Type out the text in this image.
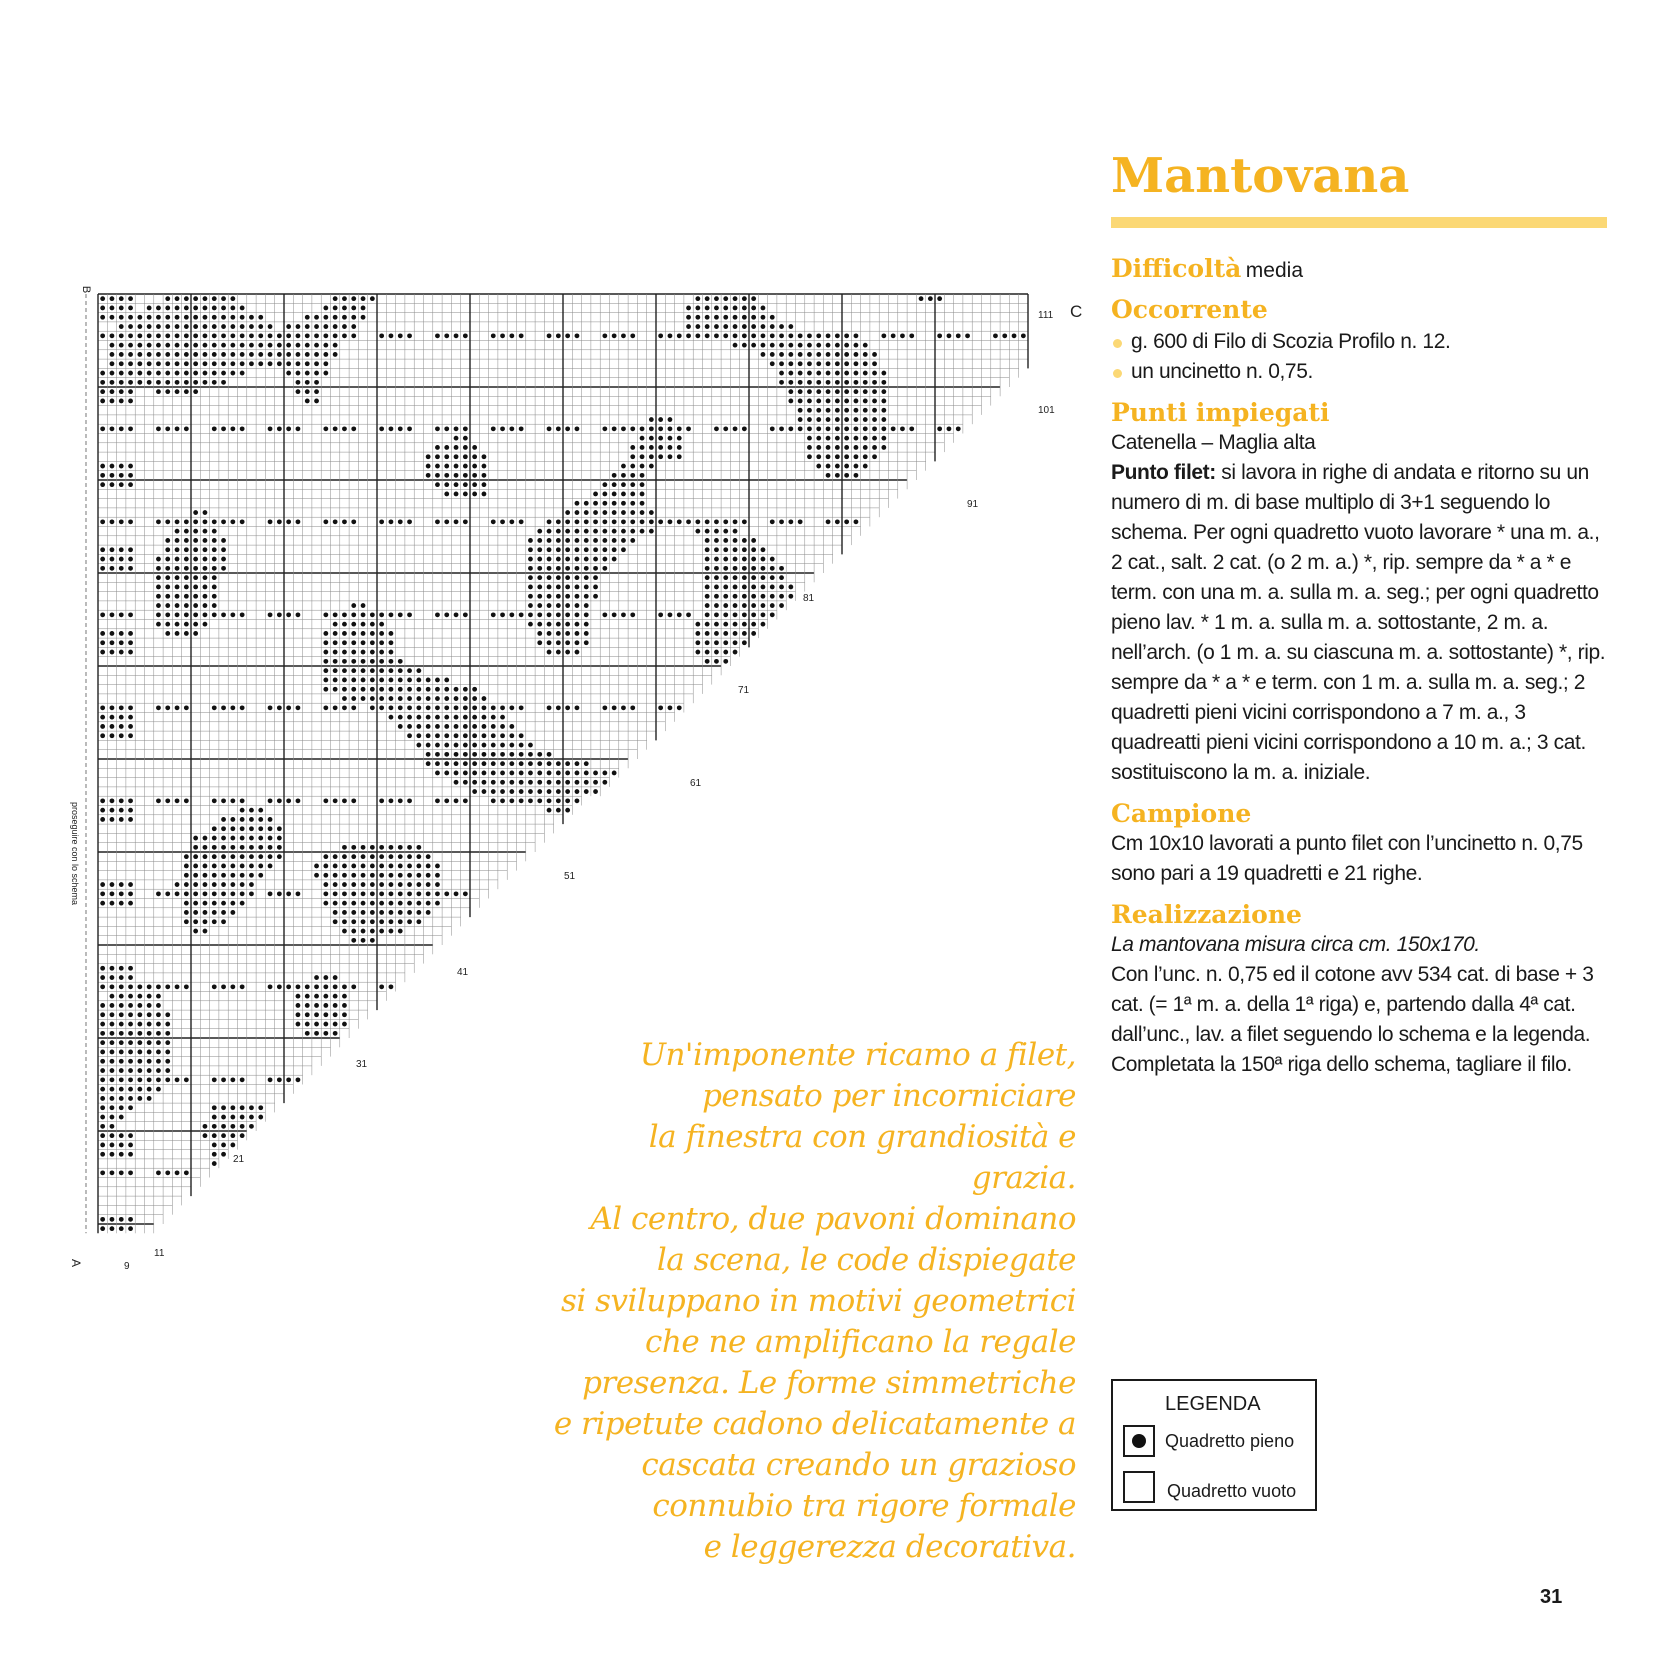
B
A
C
proseguire con lo schema
9
11
21
31
41
51
61
71
81
91
101
111
Mantovana
Difficoltà media
Occorrente
g. 600 di Filo di Scozia Profilo n. 12.
un uncinetto n. 0,75.
Punti impiegati
Catenella – Maglia alta
Punto filet: si lavora in righe di andata e ritorno su un numero di m. di base multiplo di 3+1 seguendo lo schema. Per ogni quadretto vuoto lavorare * una m. a., 2 cat., salt. 2 cat. (o 2 m. a.) *, rip. sempre da * a * e term. con una m. a. sulla m. a. seg.; per ogni quadretto pieno lav. * 1 m. a. sulla m. a. sottostante, 2 m. a. nell’arch. (o 1 m. a. su ciascuna m. a. sottostante) *, rip. sempre da * a * e term. con 1 m. a. sulla m. a. seg.; 2 quadretti pieni vicini corrispondono a 7 m. a., 3 quadreatti pieni vicini corrispondono a 10 m. a.; 3 cat. sostituiscono la m. a. iniziale.
Campione
Cm 10x10 lavorati a punto filet con l’uncinetto n. 0,75 sono pari a 19 quadretti e 21 righe.
Realizzazione
La mantovana misura circa cm. 150x170.
Con l’unc. n. 0,75 ed il cotone avv 534 cat. di base + 3 cat. (= 1ª m. a. della 1ª riga) e, partendo dalla 4ª cat. dall’unc., lav. a filet seguendo lo schema e la legenda. Completata la 150ª riga dello schema, tagliare il filo.

Un'imponente ricamo a filet,
pensato per incorniciare
la finestra con grandiosità e grazia.
Al centro, due pavoni dominano
la scena, le code dispiegate
si sviluppano in motivi geometrici
che ne amplificano la regale
presenza. Le forme simmetriche
e ripetute cadono delicatamente a
cascata creando un grazioso
connubio tra rigore formale
e leggerezza decorativa.

LEGENDA
Quadretto pieno
Quadretto vuoto
31
